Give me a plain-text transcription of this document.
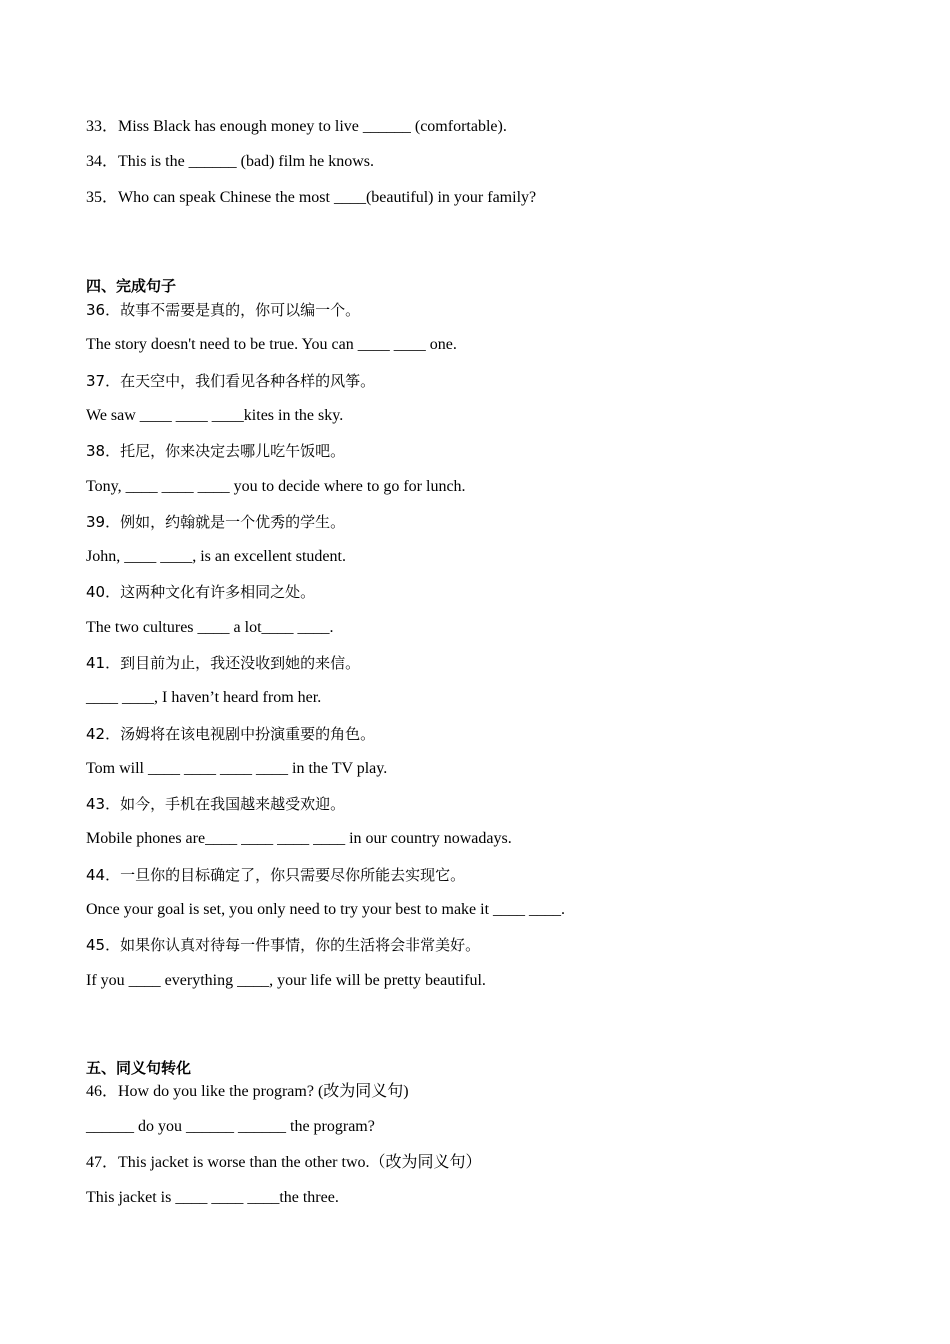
33．Miss Black has enough money to live ______ (comfortable).
34．This is the ______ (bad) film he knows.
35．Who can speak Chinese the most ____(beautiful) in your family?
四、完成句子
36．故事不需要是真的，你可以编一个。
The story doesn't need to be true. You can ____ ____ one.
37．在天空中，我们看见各种各样的风筝。
We saw ____ ____ ____kites in the sky.
38．托尼，你来决定去哪儿吃午饭吧。
Tony, ____ ____ ____ you to decide where to go for lunch.
39．例如，约翰就是一个优秀的学生。
John, ____ ____, is an excellent student.
40．这两种文化有许多相同之处。
The two cultures ____ a lot____ ____.
41．到目前为止，我还没收到她的来信。
____ ____, I haven’t heard from her.
42．汤姆将在该电视剧中扮演重要的角色。
Tom will ____ ____ ____ ____ in the TV play.
43．如今，手机在我国越来越受欢迎。
Mobile phones are____ ____ ____ ____ in our country nowadays.
44．一旦你的目标确定了，你只需要尽你所能去实现它。
Once your goal is set, you only need to try your best to make it ____ ____.
45．如果你认真对待每一件事情，你的生活将会非常美好。
If you ____ everything ____, your life will be pretty beautiful.
五、同义句转化
46．How do you like the program? (改为同义句)
______ do you ______ ______ the program?
47．This jacket is worse than the other two.（改为同义句）
This jacket is ____ ____ ____the three.
